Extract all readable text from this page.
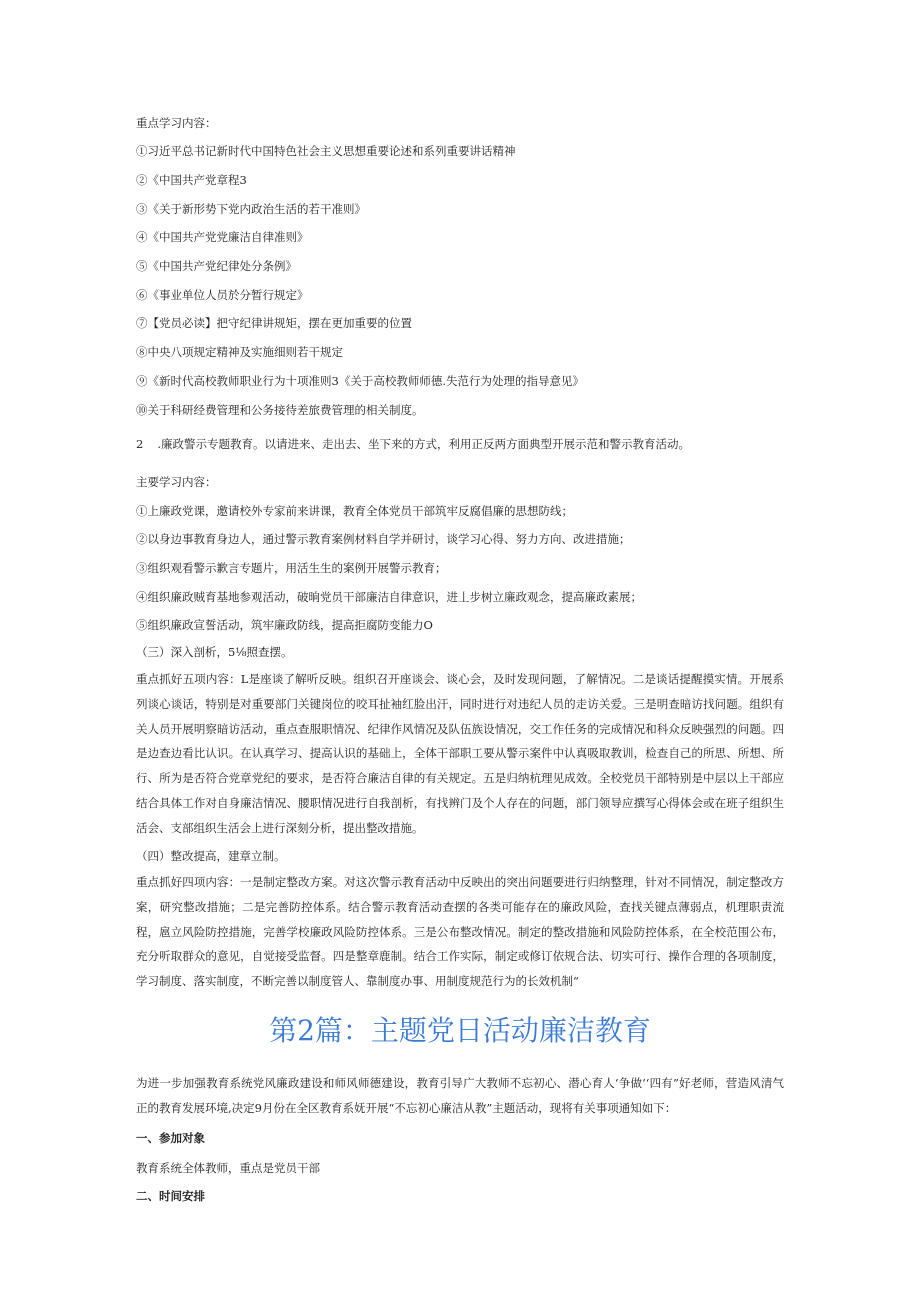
重点学习内容：
①习近平总书记新时代中国特色社会主义思想重要论述和系列重要讲话精神
②《中国共产党章程3
③《关于新形势下党内政治生活的若干准则》
④《中国共产党党廉洁自律准则》
⑤《中国共产党纪律处分条例》
⑥《事业单位人员於分暂行规定》
⑦【党员必读】把守纪律讲规矩，摆在更加重要的位置
⑧中央八项规定精神及实施细则若干规定
⑨《新时代高校教师职业行为十项准则3《关于高校教师师德.失范行为处理的指导意见》
⑩关于科研经费管理和公务接待差旅费管理的相关制度。
2 .廉政警示专题教育。以请进来、走出去、坐下来的方式，利用正反两方面典型开展示范和警示教育活动。
主要学习内容：
①上廉政党课，邀请校外专家前来讲课，教育全体党员干部筑牢反腐倡廉的思想防线；
②以身边事教育身边人，通过警示教育案例材料自学并研讨，谈学习心得、努力方向、改进措施；
③组织观看警示歉言专题片，用活生生的案例开展警示教育；
④组织廉政贼育基地参观活动，破晌党员干部廉洁自律意识，进丄步树立廉政观念，提高廉政素展；
⑤组织廉政宣誓活动，筑牢廉政防线，提高拒腐防变能力O
（三）深入剖析，5⅛照查摆。
重点抓好五项内容：L是座谈了解听反映。组织召开座谈会、谈心会，及时发现问题，了解情况。二是谈话提醒摸实情。开展系列谈心谈话，特别是对重要部门关键岗位的咬耳扯袖红脸出汗，同时进行对违纪人员的走访关爱。三是明查暗访找问题。组织有关人员开展明察暗访活动，重点查服职情况、纪律作风情况及队伍族设情况，交工作任务的完成情况和科众反映强烈的问题。四是边查边看比认识。在认真学习、提高认识的基础上，全体干部职工要从警示案件中认真吸取教训，检查自己的所思、所想、所行、所为是否符合党章党纪的要求，是否符合廉洁自律的有关规定。五是归纳杭理见成效。全校党员干部特别是中层以上干部应结合具体工作对自身廉洁情况、腰职情况进行自我剖析，有找辨门及个人存在的问题，部门领导应撰写心得体会或在班子组织生活会、支部组织生活会上进行深刻分析，提出整改措施。
（四）整改提高，建章立制。
重点抓好四项内容：一是制定整改方案。对这次警示教育活动中反映出的突出问题要进行归纳整理，针对不同情况，制定整改方案，研究整改措施；二是完善防控体系。结合警示教育活动查摆的各类可能存在的廉政风险，查找关键点薄弱点，机理职责流程，扈立风险防控措施，完善学校廉政风险防控体系。三是公布整改情况。制定的整改措施和风险防控体系，在全校范围公布，充分听取群众的意见，自觉接受监督。四是整章鹿制。结合工作实际，制定或修订依规合法、切实可行、操作合理的各项制度，学习制度、落实制度，不断完善以制度管人、靠制度办事、用制度规范行为的长效机制“
第2篇：主题党日活动廉洁教育
为进一步加强教育系统党风廉政建设和师风师德建设，教育引导广大教师不忘初心、潜心育人‘争做‘‘四有”好老师，营造风清气正的教育发展环境,决定9月份在全区教育系妩开展“不忘初心廉洁从教”主题活动，现将有关事项通知如下：
一、参加对象
教育系统全体教师，重点是党员干部
二、时间安排
